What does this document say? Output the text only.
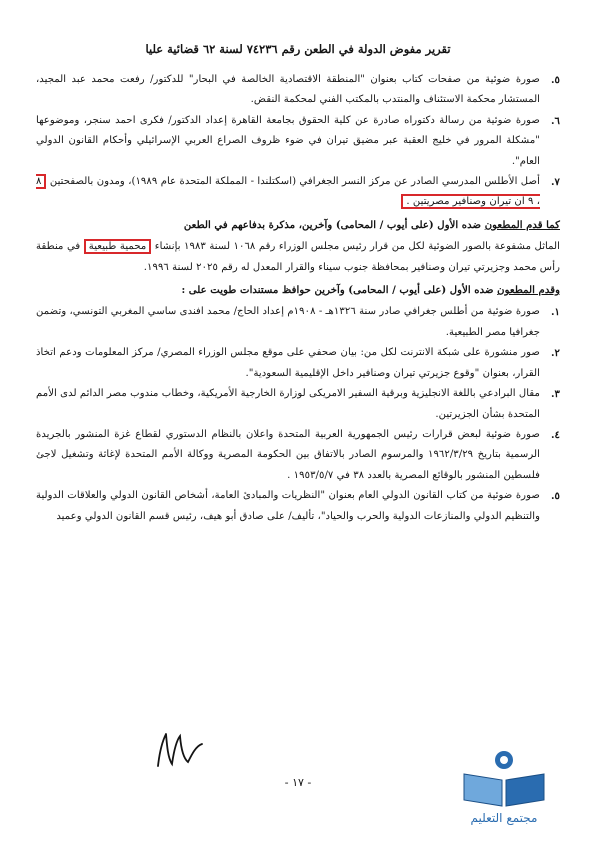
تقرير مفوض الدولة في الطعن رقم ٧٤٢٣٦ لسنة ٦٢ قضائية عليا
٥.
صورة ضوئية من صفحات كتاب بعنوان "المنطقة الاقتصادية الخالصة في البحار" للدكتور/ رفعت محمد عبد المجيد، المستشار محكمة الاستئناف والمنتدب بالمكتب الفني لمحكمة النقض.
٦.
صورة ضوئية من رسالة دكتوراه صادرة عن كلية الحقوق بجامعة القاهرة إعداد الدكتور/ فكرى احمد سنجر، وموضوعها "مشكلة المرور في خليج العقبة عبر مضيق تيران في ضوء ظروف الصراع العربي الإسرائيلي وأحكام القانون الدولي العام".
٧.
أصل الأطلس المدرسي الصادر عن مركز النسر الجغرافي (اسكتلندا - المملكة المتحدة عام ١٩٨٩)، ومدون بالصفحتين ٨ ، ٩ ان تيران وصنافير مصريتين .

كما قدم المطعون ضده الأول (على أيوب / المحامى) وآخرين، مذكرة بدفاعهم في الطعن

الماثل مشفوعة بالصور الضوئية لكل من قرار رئيس مجلس الوزراء رقم ١٠٦٨ لسنة ١٩٨٣ بإنشاء محمية طبيعية في منطقة رأس محمد وجزيرتي تيران وصنافير بمحافظة جنوب سيناء والقرار المعدل له رقم ٢٠٢٥ لسنة ١٩٩٦.

وقدم المطعون ضده الأول (على أيوب / المحامى) وآخرين حوافظ مستندات طويت على :

١.
صورة ضوئية من أطلس جغرافي صادر سنة ١٣٢٦هـ - ١٩٠٨م إعداد الحاج/ محمد افندى ساسي المغربي التونسي، وتضمن جغرافيا مصر الطبيعية.
٢.
صور منشورة على شبكة الانترنت لكل من: بيان صحفي على موقع مجلس الوزراء المصري/ مركز المعلومات ودعم اتخاذ القرار، بعنوان "وقوع جزيرتي تيران وصنافير داخل الإقليمية السعودية".
٣.
مقال البرادعي باللغة الانجليزية وبرقية السفير الامريكى لوزارة الخارجية الأمريكية، وخطاب مندوب مصر الدائم لدى الأمم المتحدة بشأن الجزيرتين.
٤.
صورة ضوئية لبعض قرارات رئيس الجمهورية العربية المتحدة واعلان بالنظام الدستوري لقطاع غزة المنشور بالجريدة الرسمية بتاريخ ١٩٦٢/٣/٢٩ والمرسوم الصادر بالاتفاق بين الحكومة المصرية ووكالة الأمم المتحدة لإغاثة وتشغيل لاجئ فلسطين المنشور بالوقائع المصرية بالعدد ٣٨ في ١٩٥٣/٥/٧ .
٥.
صورة ضوئية من كتاب القانون الدولي العام بعنوان "النظريات والمبادئ العامة، أشخاص القانون الدولي والعلاقات الدولية والتنظيم الدولي والمنازعات الدولية والحرب والحياد"، تأليف/ على صادق أبو هيف، رئيس قسم القانون الدولي وعميد
- ١٧ -
مجتمع التعليم
